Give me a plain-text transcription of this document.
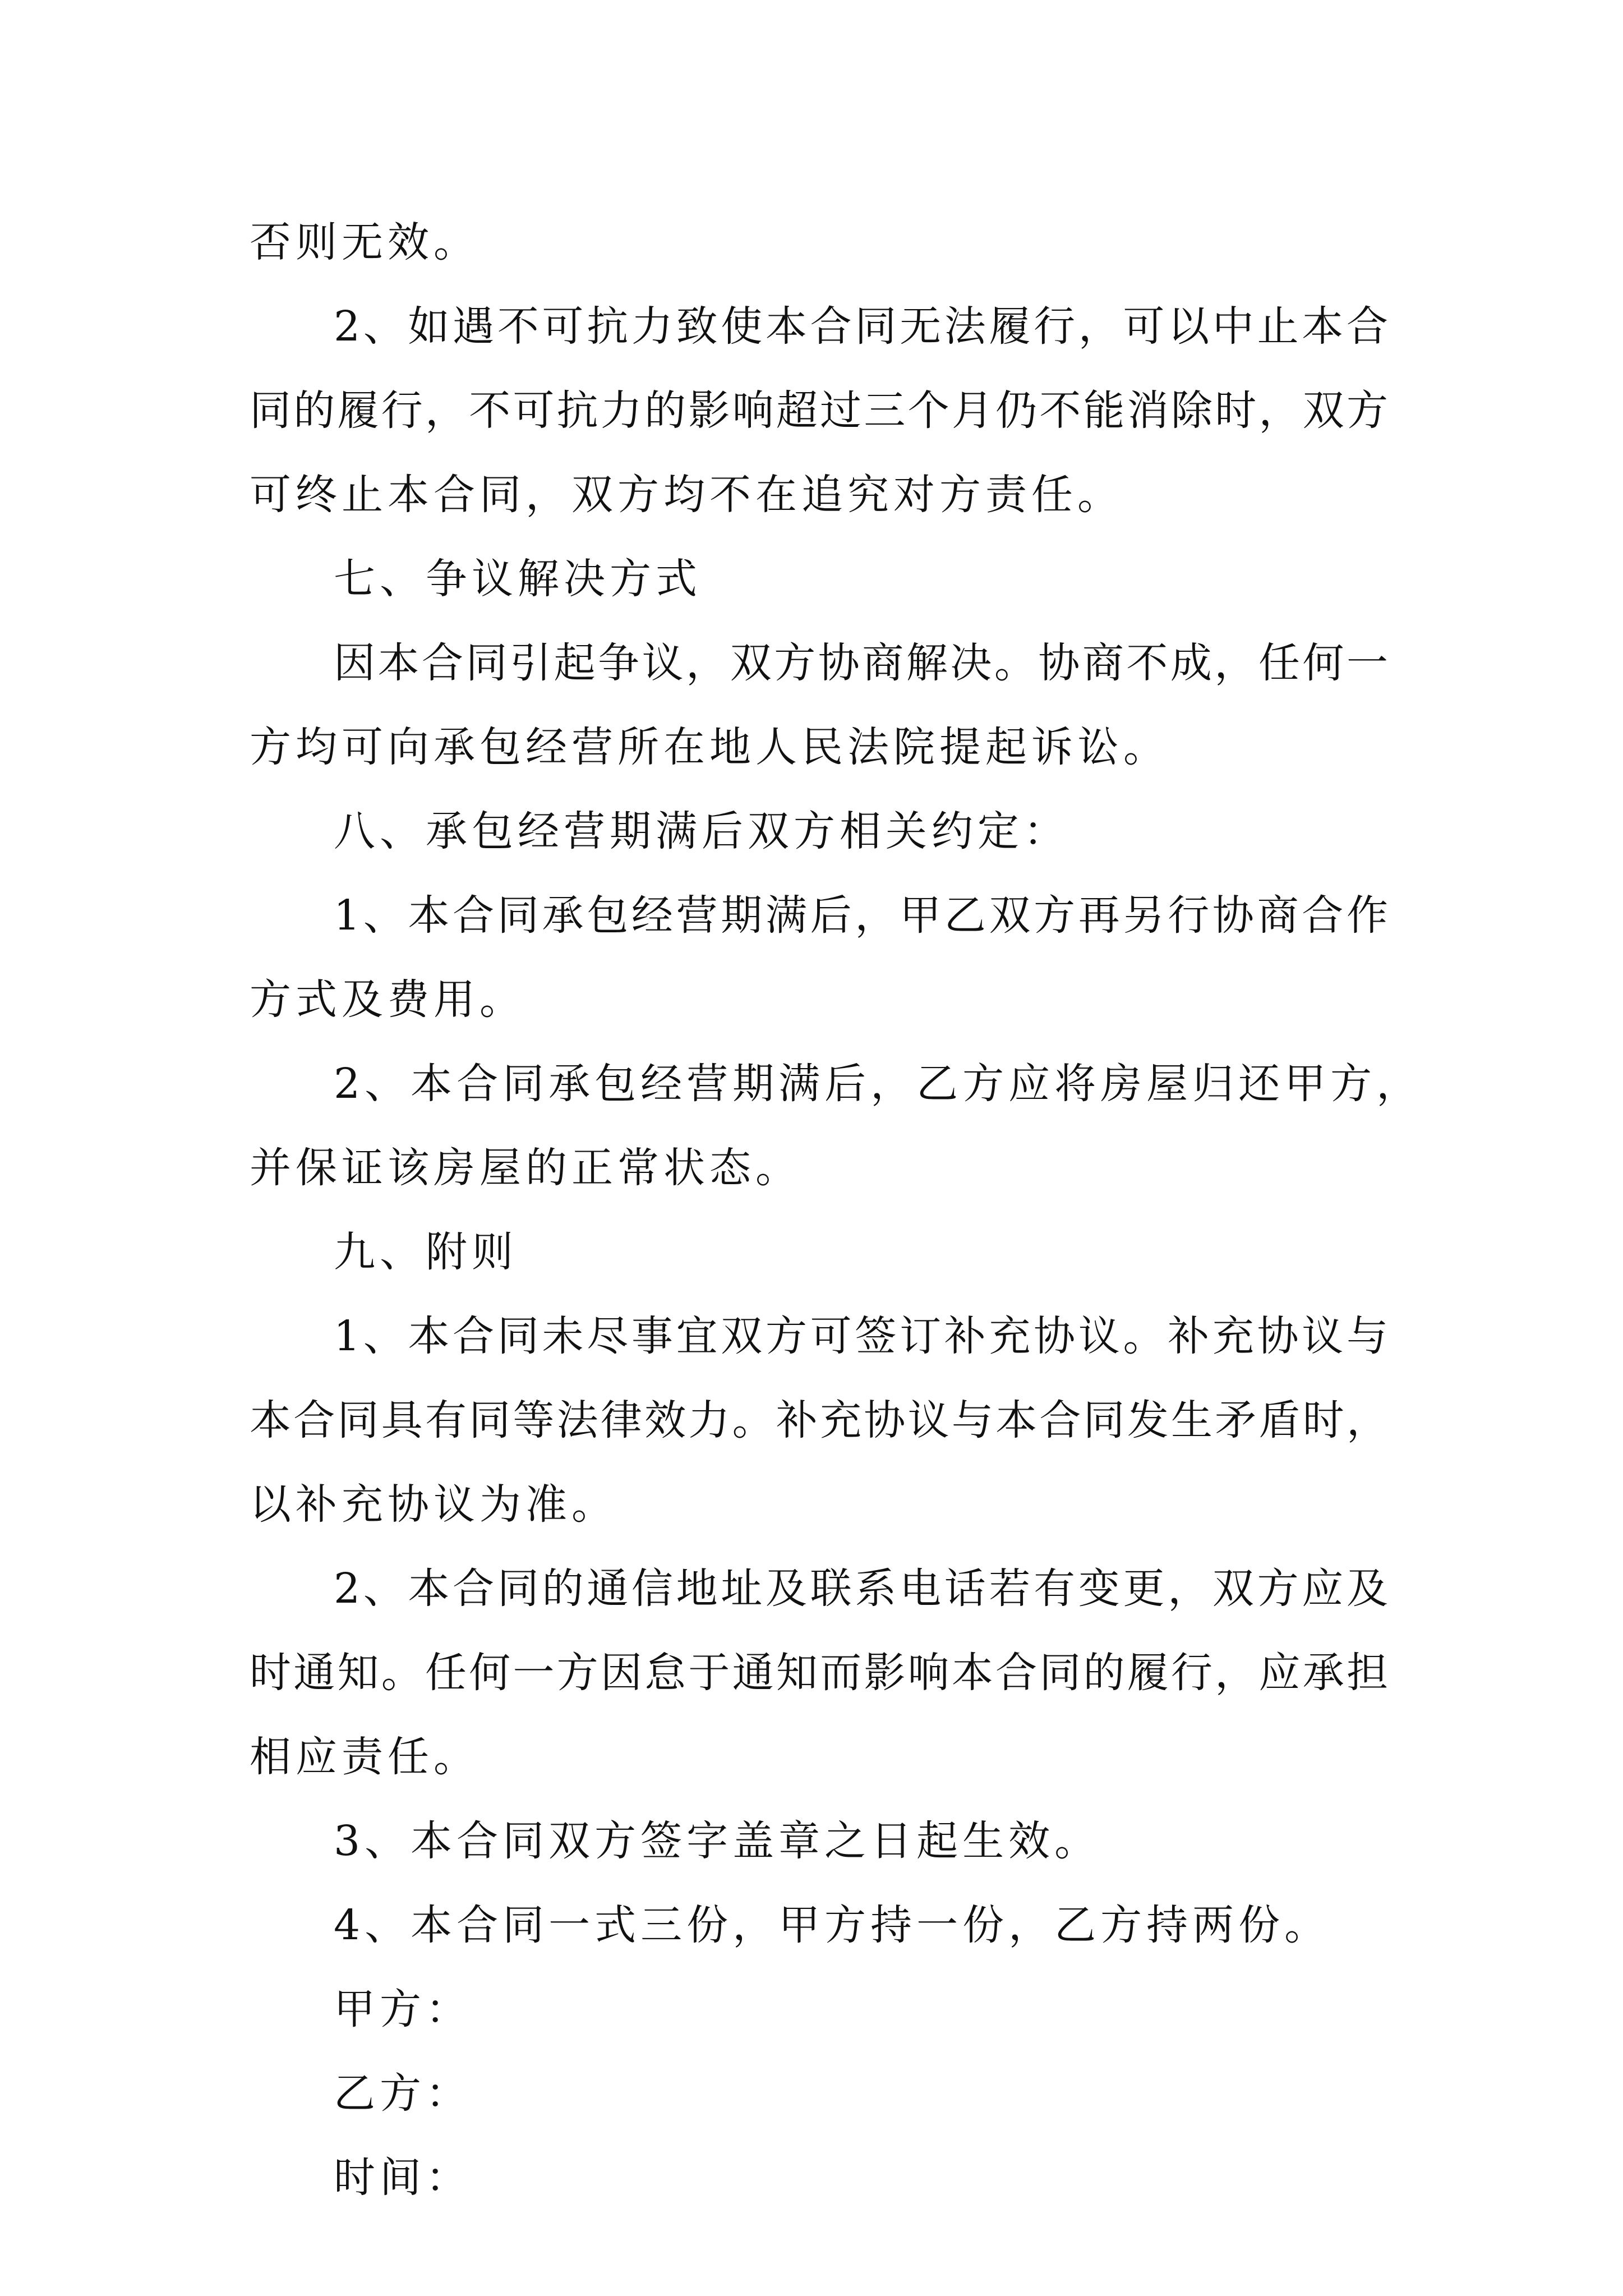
否则无效。

2、如遇不可抗力致使本合同无法履行，可以中止本合

同的履行，不可抗力的影响超过三个月仍不能消除时，双方

可终止本合同，双方均不在追究对方责任。

七、争议解决方式

因本合同引起争议，双方协商解决。协商不成，任何一

方均可向承包经营所在地人民法院提起诉讼。

八、承包经营期满后双方相关约定：

1、本合同承包经营期满后，甲乙双方再另行协商合作

方式及费用。

2、本合同承包经营期满后，乙方应将房屋归还甲方，

并保证该房屋的正常状态。

九、附则

1、本合同未尽事宜双方可签订补充协议。补充协议与

本合同具有同等法律效力。补充协议与本合同发生矛盾时，

以补充协议为准。

2、本合同的通信地址及联系电话若有变更，双方应及

时通知。任何一方因怠于通知而影响本合同的履行，应承担

相应责任。

3、本合同双方签字盖章之日起生效。

4、本合同一式三份，甲方持一份，乙方持两份。

甲方：

乙方：

时间：
